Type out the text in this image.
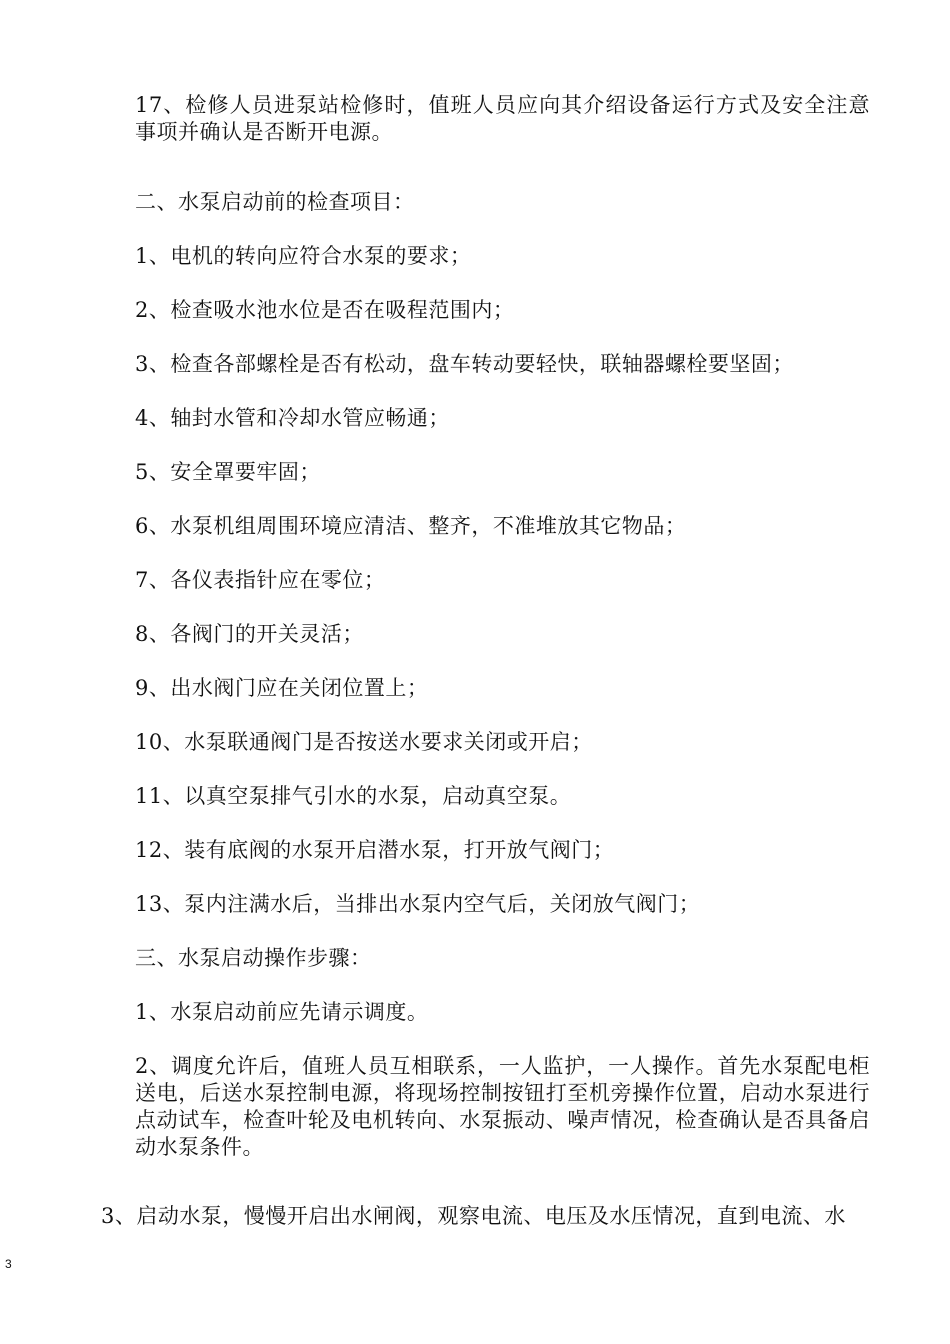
17、检修人员进泵站检修时，值班人员应向其介绍设备运行方式及安全注意事项并确认是否断开电源。

二、水泵启动前的检查项目：

1、电机的转向应符合水泵的要求；

2、检查吸水池水位是否在吸程范围内；

3、检查各部螺栓是否有松动，盘车转动要轻快，联轴器螺栓要坚固；

4、轴封水管和冷却水管应畅通；

5、安全罩要牢固；

6、水泵机组周围环境应清洁、整齐，不准堆放其它物品；

7、各仪表指针应在零位；

8、各阀门的开关灵活；

9、出水阀门应在关闭位置上；

10、水泵联通阀门是否按送水要求关闭或开启；

11、以真空泵排气引水的水泵，启动真空泵。

12、装有底阀的水泵开启潜水泵，打开放气阀门；

13、泵内注满水后，当排出水泵内空气后，关闭放气阀门；

三、水泵启动操作步骤：

1、水泵启动前应先请示调度。

2、调度允许后，值班人员互相联系，一人监护，一人操作。首先水泵配电柜送电，后送水泵控制电源，将现场控制按钮打至机旁操作位置，启动水泵进行点动试车，检查叶轮及电机转向、水泵振动、噪声情况，检查确认是否具备启动水泵条件。

3、启动水泵，慢慢开启出水闸阀，观察电流、电压及水压情况，直到电流、水

3
